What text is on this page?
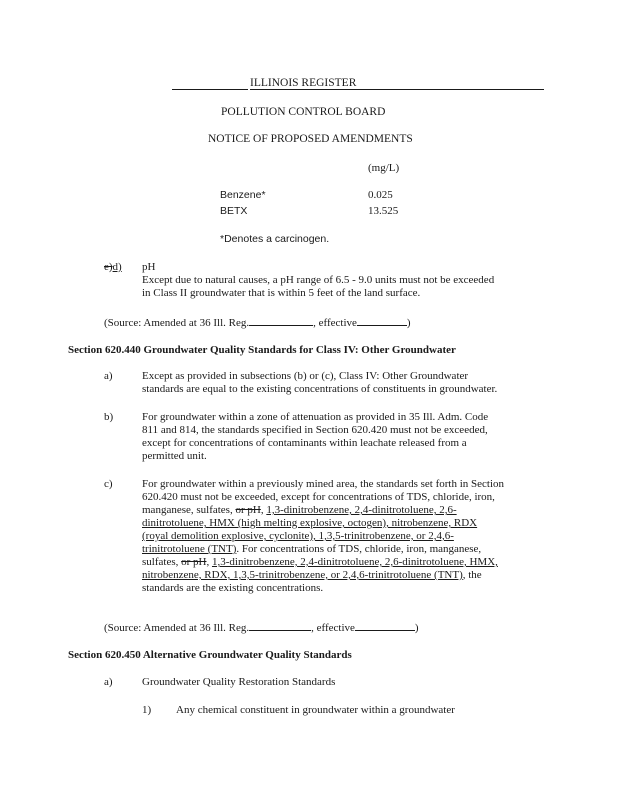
ILLINOIS REGISTER
POLLUTION CONTROL BOARD
NOTICE OF PROPOSED AMENDMENTS
(mg/L)
Benzene*	0.025
BETX	13.525
*Denotes a carcinogen.
e)d) pH
Except due to natural causes, a pH range of 6.5 - 9.0 units must not be exceeded
in Class II groundwater that is within 5 feet of the land surface.
(Source: Amended at 36 Ill. Reg.	, effective	)
Section 620.440 Groundwater Quality Standards for Class IV: Other Groundwater
a)	Except as provided in subsections (b) or (c), Class IV: Other Groundwater
standards are equal to the existing concentrations of constituents in groundwater.
b)	For groundwater within a zone of attenuation as provided in 35 Ill. Adm. Code
811 and 814, the standards specified in Section 620.420 must not be exceeded,
except for concentrations of contaminants within leachate released from a
permitted unit.
c)	For groundwater within a previously mined area, the standards set forth in Section
620.420 must not be exceeded, except for concentrations of TDS, chloride, iron,
manganese, sulfates, or pH, 1,3-dinitrobenzene, 2,4-dinitrotoluene, 2,6-
dinitrotoluene, HMX (high melting explosive, octogen), nitrobenzene, RDX
(royal demolition explosive, cyclonite), 1,3,5-trinitrobenzene, or 2,4,6-
trinitrotoluene (TNT). For concentrations of TDS, chloride, iron, manganese,
sulfates, or pH, 1,3-dinitrobenzene, 2,4-dinitrotoluene, 2,6-dinitrotoluene, HMX,
nitrobenzene, RDX, 1,3,5-trinitrobenzene, or 2,4,6-trinitrotoluene (TNT), the
standards are the existing concentrations.
(Source: Amended at 36 Ill. Reg.	, effective	)
Section 620.450 Alternative Groundwater Quality Standards
a)	Groundwater Quality Restoration Standards
1) Any chemical constituent in groundwater within a groundwater
